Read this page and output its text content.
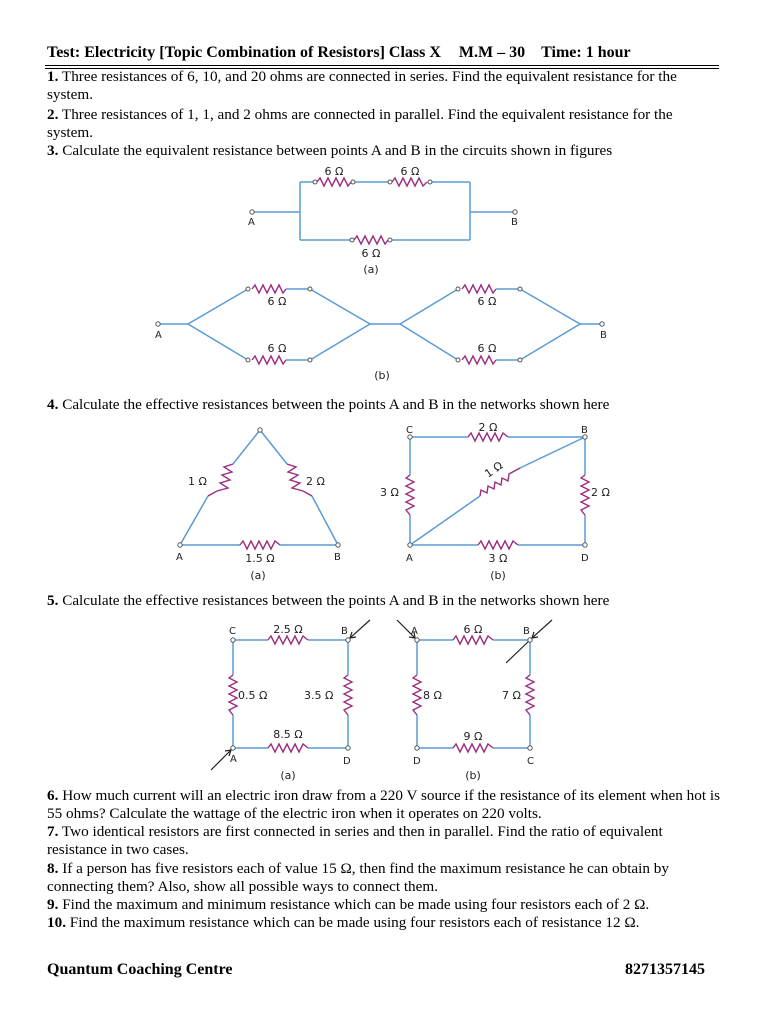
Test: Electricity [Topic Combination of Resistors] Class X M.M – 30 Time: 1 hour
1. Three resistances of 6, 10, and 20 ohms are connected in series. Find the equivalent resistance for the system.
2. Three resistances of 1, 1, and 2 ohms are connected in parallel. Find the equivalent resistance for the system.
3. Calculate the equivalent resistance between points A and B in the circuits shown in figures
A	B
6 Ω	6 Ω
6 Ω
(a)
A	B
6 Ω
6 Ω
6 Ω
6 Ω
(b)
4. Calculate the effective resistances between the points A and B in the networks shown here
1 Ω	2 Ω
1.5 Ω
A	B
(a)
C	B
A	D
2 Ω
3 Ω	2 Ω
3 Ω
1 Ω
(b)
5. Calculate the effective resistances between the points A and B in the networks shown here
C	B
A	D
2.5 Ω
0.5 Ω	3.5 Ω
8.5 Ω
(a)
A	B
D	C
6 Ω
8 Ω	7 Ω
9 Ω
(b)
6. How much current will an electric iron draw from a 220 V source if the resistance of its element when hot is 55 ohms? Calculate the wattage of the electric iron when it operates on 220 volts.
7. Two identical resistors are first connected in series and then in parallel. Find the ratio of equivalent resistance in two cases.
8. If a person has five resistors each of value 15 Ω, then find the maximum resistance he can obtain by connecting them? Also, show all possible ways to connect them.
9. Find the maximum and minimum resistance which can be made using four resistors each of 2 Ω.
10. Find the maximum resistance which can be made using four resistors each of resistance 12 Ω.
Quantum Coaching Centre	8271357145
